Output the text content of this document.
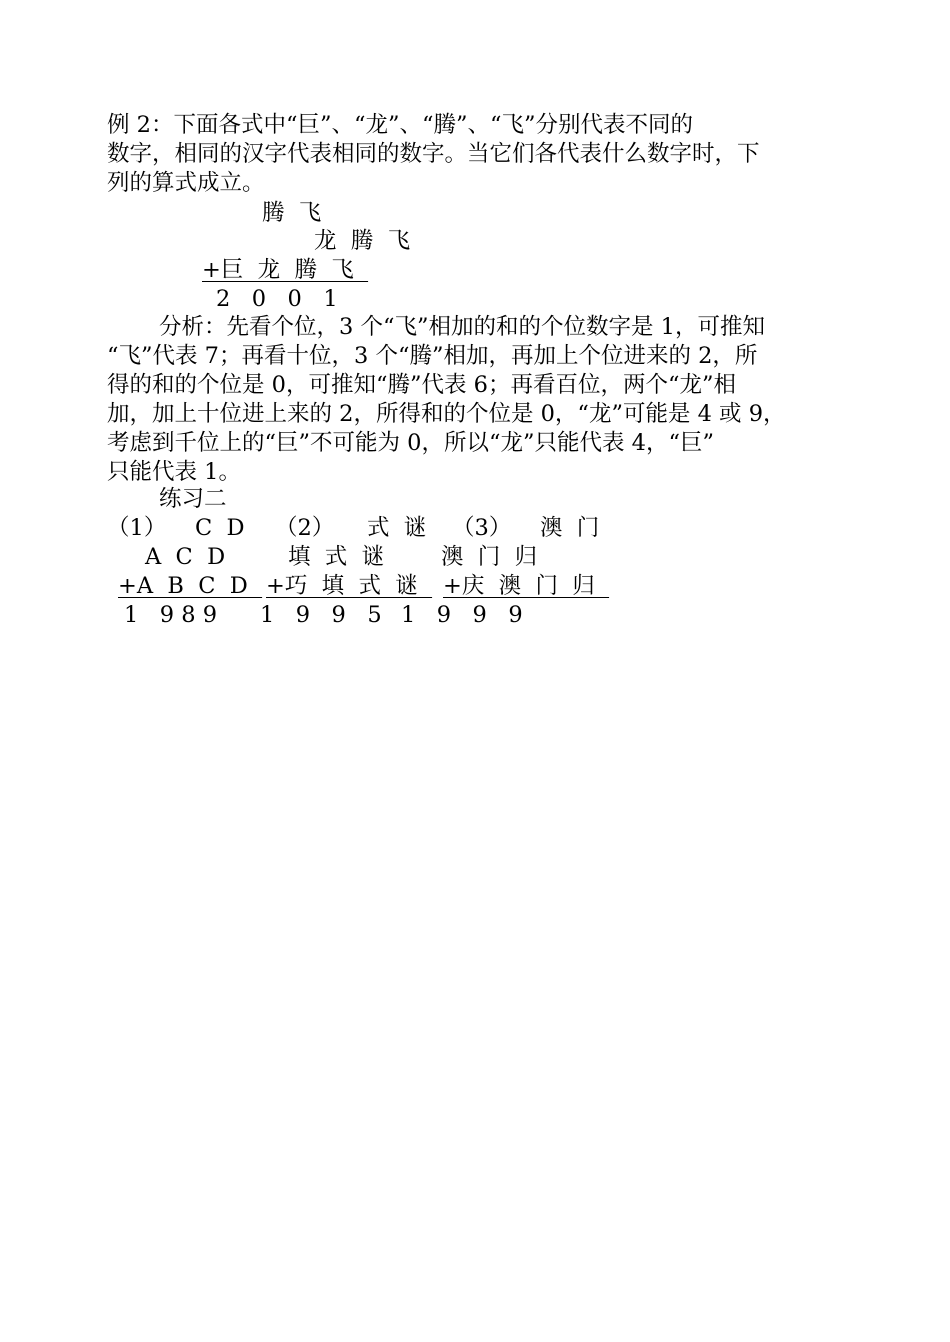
例 2：下面各式中“巨”、“龙”、“腾”、“飞”分别代表不同的
数字，相同的汉字代表相同的数字。当它们各代表什么数字时，下
列的算式成立。
腾  飞
龙  腾  飞
+巨  龙  腾  飞
2   0   0   1
分析：先看个位，3 个“飞”相加的和的个位数字是 1，可推知
“飞”代表 7；再看十位，3 个“腾”相加，再加上个位进来的 2，所
得的和的个位是 0，可推知“腾”代表 6；再看百位，两个“龙”相
加，加上十位进上来的 2，所得和的个位是 0，“龙”可能是 4 或 9，
考虑到千位上的“巨”不可能为 0，所以“龙”只能代表 4，“巨”
只能代表 1。
练习二
（1） C  D
A  C  D
+A  B  C  D
1   9 8 9
（2） 式  谜
填  式  谜
+巧  填  式  谜
1   9   9   5
（3） 澳  门
澳  门  归
+庆  澳  门  归
1   9   9   9
